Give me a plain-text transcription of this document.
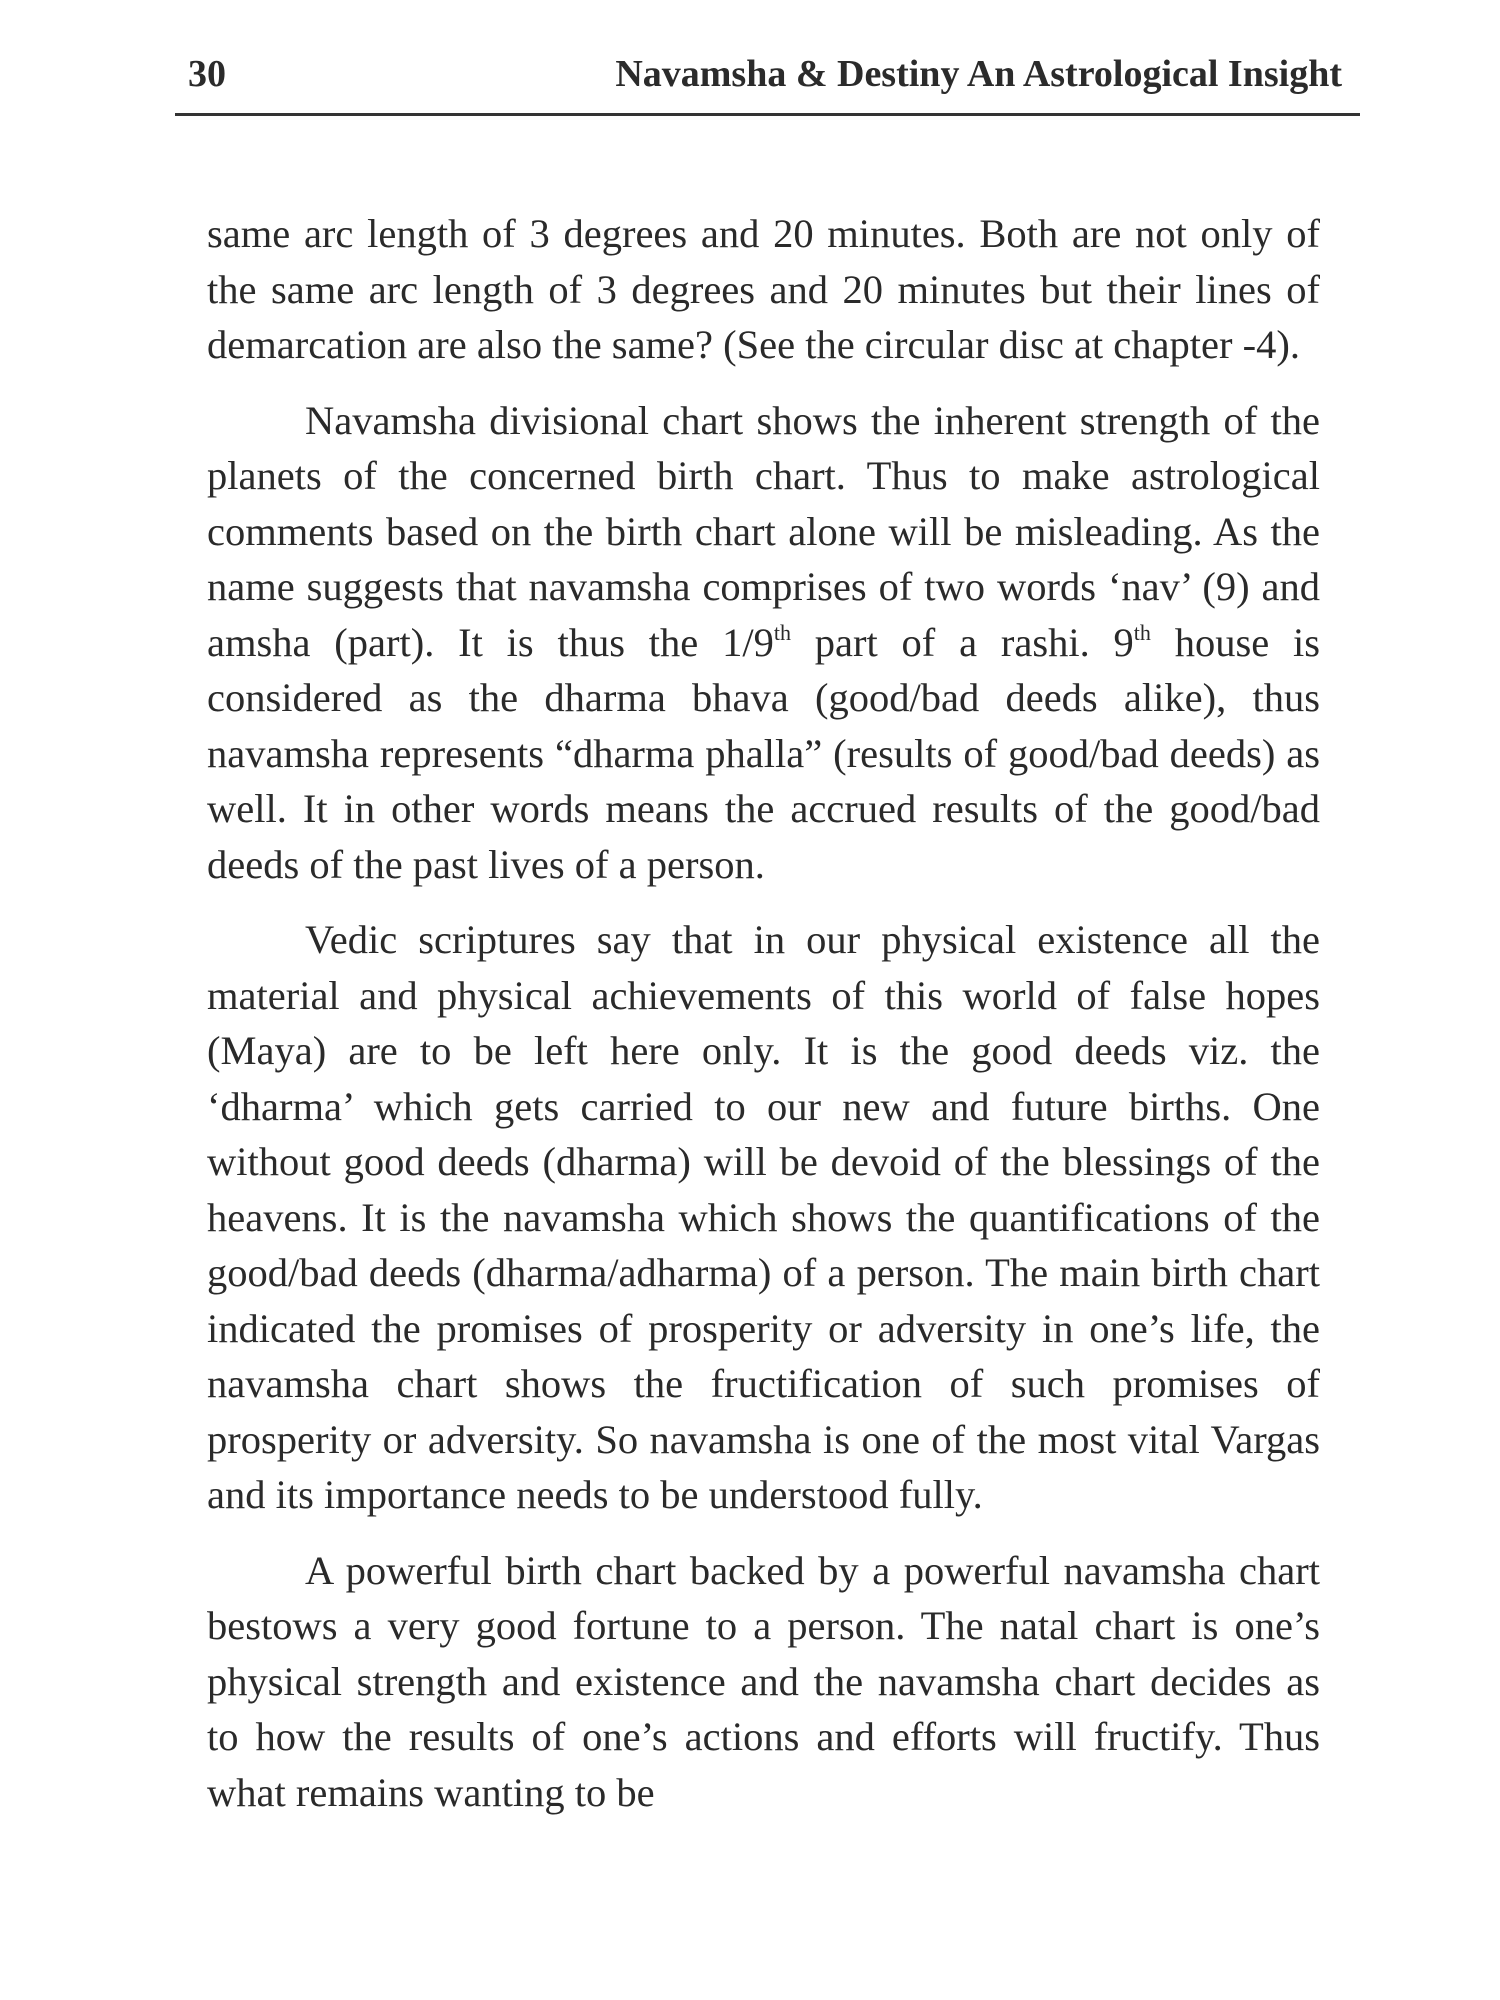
30	Navamsha & Destiny An Astrological Insight

same arc length of 3 degrees and 20 minutes. Both are not only of the same arc length of 3 degrees and 20 minutes but their lines of demarcation are also the same? (See the circular disc at chapter -4).

Navamsha divisional chart shows the inherent strength of the planets of the concerned birth chart. Thus to make astrological comments based on the birth chart alone will be misleading. As the name suggests that navamsha comprises of two words ‘nav’ (9) and amsha (part). It is thus the 1/9th part of a rashi. 9th house is considered as the dharma bhava (good/bad deeds alike), thus navamsha represents “dharma phalla” (results of good/bad deeds) as well. It in other words means the accrued results of the good/bad deeds of the past lives of a person.

Vedic scriptures say that in our physical existence all the material and physical achievements of this world of false hopes (Maya) are to be left here only. It is the good deeds viz. the ‘dharma’ which gets carried to our new and future births. One without good deeds (dharma) will be devoid of the blessings of the heavens. It is the navamsha which shows the quantifications of the good/bad deeds (dharma/adharma) of a person. The main birth chart indicated the promises of prosperity or adversity in one’s life, the navamsha chart shows the fructification of such promises of prosperity or adversity. So navamsha is one of the most vital Vargas and its importance needs to be understood fully.

A powerful birth chart backed by a powerful navamsha chart bestows a very good fortune to a person. The natal chart is one’s physical strength and existence and the navamsha chart decides as to how the results of one’s actions and efforts will fructify. Thus what remains wanting to be
